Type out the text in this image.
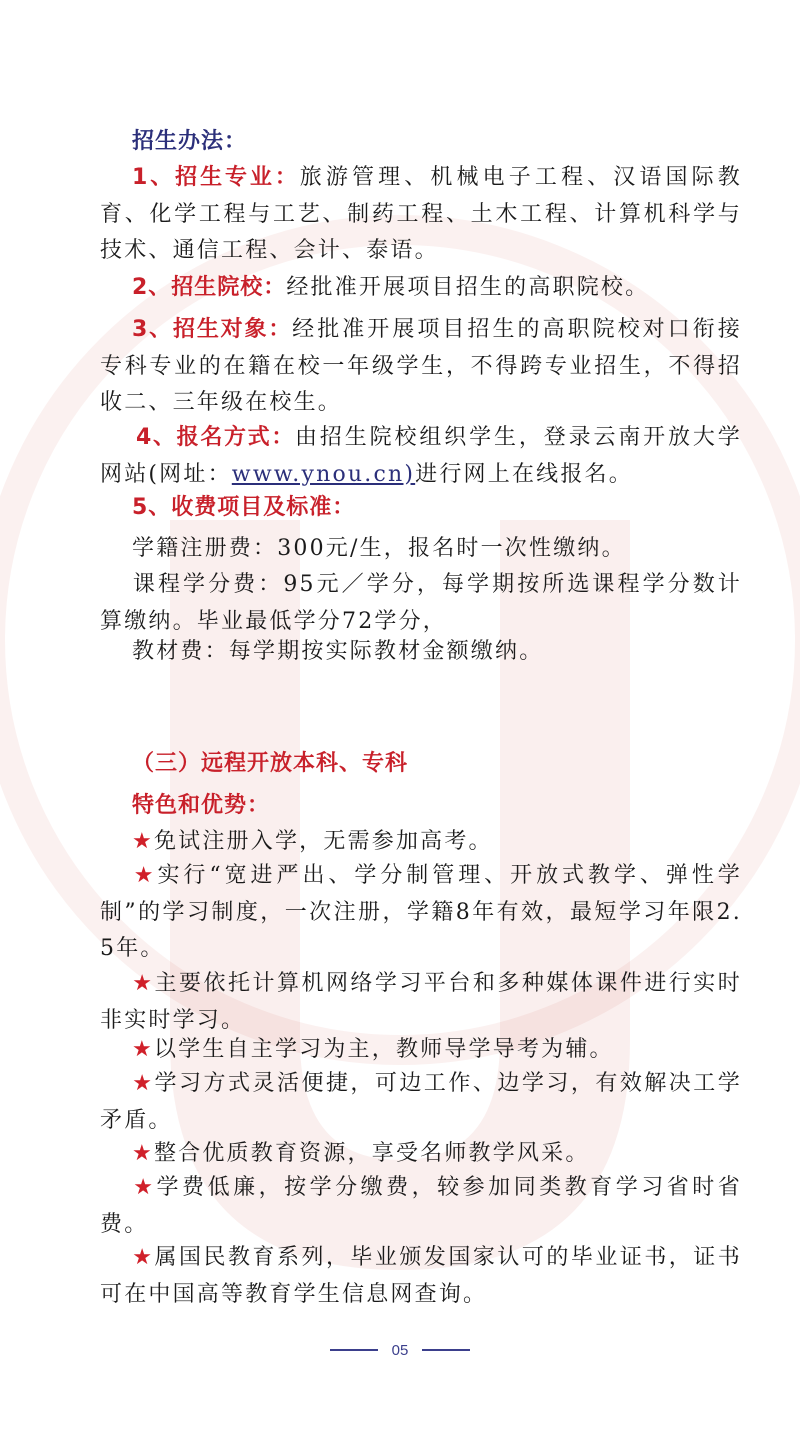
招生办法：
1、招生专业：旅游管理、机械电子工程、汉语国际教育、化学工程与工艺、制药工程、土木工程、计算机科学与技术、通信工程、会计、泰语。
2、招生院校：经批准开展项目招生的高职院校。
3、招生对象：经批准开展项目招生的高职院校对口衔接专科专业的在籍在校一年级学生，不得跨专业招生，不得招收二、三年级在校生。
4、报名方式：由招生院校组织学生，登录云南开放大学网站(网址：www.ynou.cn)进行网上在线报名。
5、收费项目及标准：
学籍注册费：300元/生，报名时一次性缴纳。
课程学分费：95元／学分，每学期按所选课程学分数计算缴纳。毕业最低学分72学分，
教材费：每学期按实际教材金额缴纳。
（三）远程开放本科、专科
特色和优势：
★免试注册入学，无需参加高考。
★实行“宽进严出、学分制管理、开放式教学、弹性学制”的学习制度，一次注册，学籍8年有效，最短学习年限2.5年。
★主要依托计算机网络学习平台和多种媒体课件进行实时非实时学习。
★以学生自主学习为主，教师导学导考为辅。
★学习方式灵活便捷，可边工作、边学习，有效解决工学矛盾。
★整合优质教育资源，享受名师教学风采。
★学费低廉，按学分缴费，较参加同类教育学习省时省费。
★属国民教育系列，毕业颁发国家认可的毕业证书，证书可在中国高等教育学生信息网查询。
05
